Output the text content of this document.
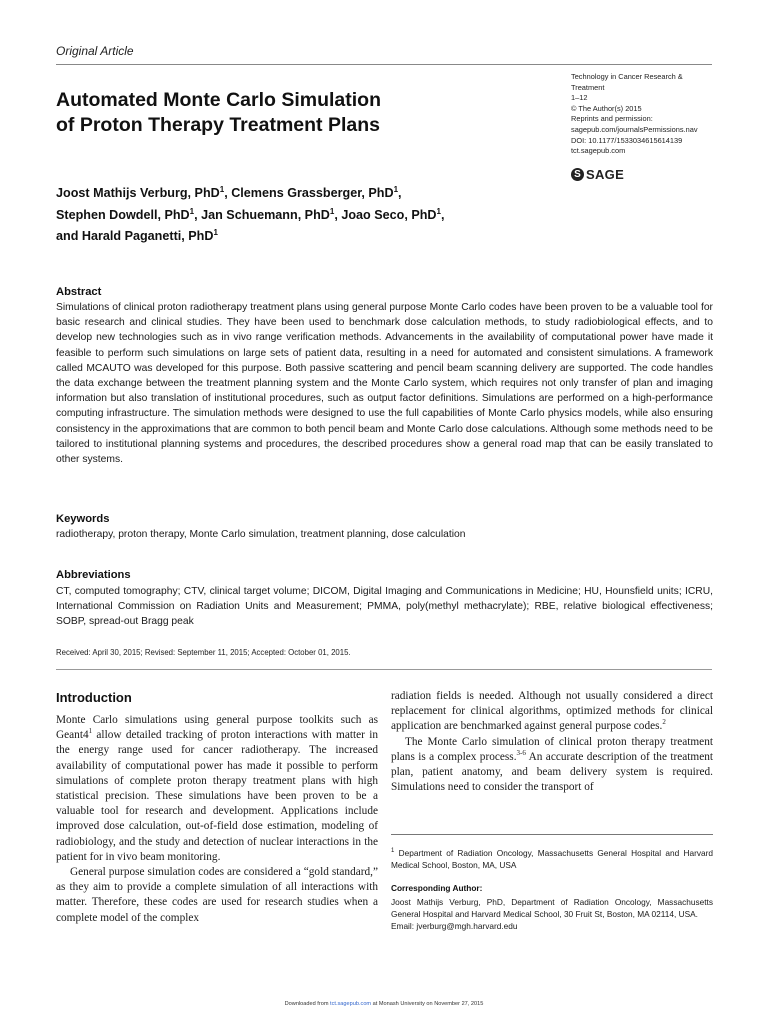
Original Article
Automated Monte Carlo Simulation
of Proton Therapy Treatment Plans
Technology in Cancer Research &
Treatment
1–12
© The Author(s) 2015
Reprints and permission:
sagepub.com/journalsPermissions.nav
DOI: 10.1177/1533034615614139
tct.sagepub.com
S SAGE
Joost Mathijs Verburg, PhD$^1$, Clemens Grassberger, PhD$^1$,
Stephen Dowdell, PhD$^1$, Jan Schuemann, PhD$^1$, Joao Seco, PhD$^1$,
and Harald Paganetti, PhD$^1$
Abstract

Simulations of clinical proton radiotherapy treatment plans using general purpose Monte Carlo codes have been proven to be a valuable tool for basic research and clinical studies. They have been used to benchmark dose calculation methods, to study radiobiological effects, and to develop new technologies such as in vivo range verification methods. Advancements in the availability of computational power have made it feasible to perform such simulations on large sets of patient data, resulting in a need for automated and consistent simulations. A framework called MCAUTO was developed for this purpose. Both passive scattering and pencil beam scanning delivery are supported. The code handles the data exchange between the treatment planning system and the Monte Carlo system, which requires not only transfer of plan and imaging information but also translation of institutional procedures, such as output factor definitions. Simulations are performed on a high-performance computing infrastructure. The simulation methods were designed to use the full capabilities of Monte Carlo physics models, while also ensuring consistency in the approximations that are common to both pencil beam and Monte Carlo dose calculations. Although some methods need to be tailored to institutional planning systems and procedures, the described procedures show a general road map that can be easily translated to other systems.

Keywords
radiotherapy, proton therapy, Monte Carlo simulation, treatment planning, dose calculation
Abbreviations

CT, computed tomography; CTV, clinical target volume; DICOM, Digital Imaging and Communications in Medicine; HU, Hounsfield units; ICRU, International Commission on Radiation Units and Measurement; PMMA, poly(methyl methacrylate); RBE, relative biological effectiveness; SOBP, spread-out Bragg peak

Received: April 30, 2015; Revised: September 11, 2015; Accepted: October 01, 2015.
Introduction

Monte Carlo simulations using general purpose toolkits such as $Geant4^1$ allow detailed tracking of proton interactions with matter in the energy range used for cancer radiotherapy. The increased availability of computational power has made it possible to perform simulations of complete proton therapy treatment plans with high statistical precision. These simulations have been proven to be a valuable tool for research and development. Applications include improved dose calculation, out-of-field dose estimation, modeling of radiobiology, and the study and detection of nuclear interactions in the patient for in vivo beam monitoring.

General purpose simulation codes are considered a “gold standard,” as they aim to provide a complete simulation of all interactions with matter. Therefore, these codes are used for research studies when a complete model of the complex

radiation fields is needed. Although not usually considered a direct replacement for clinical algorithms, optimized methods for clinical application are benchmarked against general purpose codes.$^2$

The Monte Carlo simulation of clinical proton therapy treatment plans is a complex process.$^{3-6}$ An accurate description of the treatment plan, patient anatomy, and beam delivery system is required. Simulations need to consider the transport of

$^1$ Department of Radiation Oncology, Massachusetts General Hospital and Harvard Medical School, Boston, MA, USA
Corresponding Author:
Joost Mathijs Verburg, PhD, Department of Radiation Oncology, Massachusetts General Hospital and Harvard Medical School, 30 Fruit St, Boston, MA 02114, USA.
Email: jverburg@mgh.harvard.edu
Downloaded from tct.sagepub.com at Monash University on November 27, 2015
